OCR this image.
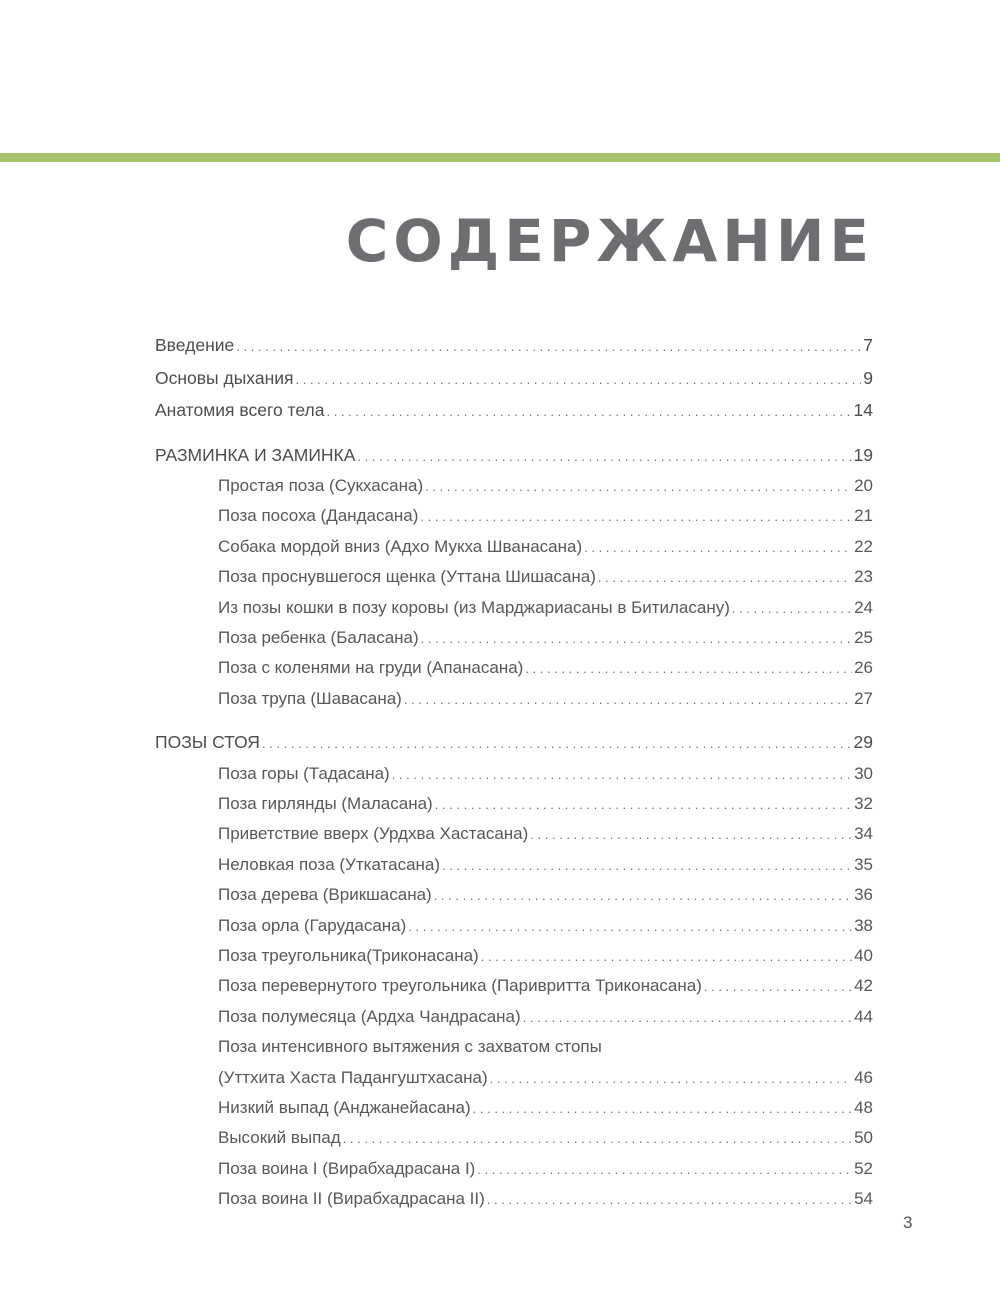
СОДЕРЖАНИЕ
Введение . . .	7
Основы дыхания . . .	9
Анатомия всего тела . . .	14
РАЗМИНКА И ЗАМИНКА . . .	19
Простая поза (Сукхасана) . . .	20
Поза посоха (Дандасана) . . .	21
Собака мордой вниз (Адхо Мукха Шванасана) . . .	22
Поза проснувшегося щенка (Уттана Шишасана) . . .	23
Из позы кошки в позу коровы (из Марджариасаны в Битиласану) . . .	24
Поза ребенка (Баласана) . . .	25
Поза с коленями на груди (Апанасана) . . .	26
Поза трупа (Шавасана) . . .	27
ПОЗЫ СТОЯ . . .	29
Поза горы (Тадасана) . . .	30
Поза гирлянды (Маласана) . . .	32
Приветствие вверх (Урдхва Хастасана) . . .	34
Неловкая поза (Уткатасана) . . .	35
Поза дерева (Врикшасана) . . .	36
Поза орла (Гарудасана) . . .	38
Поза треугольника(Триконасана) . . .	40
Поза перевернутого треугольника (Паривритта Триконасана) . . .	42
Поза полумесяца (Ардха Чандрасана) . . .	44
Поза интенсивного вытяжения с захватом стопы
(Уттхита Хаста Падангуштхасана) . . .	46
Низкий выпад (Анджанейасана) . . .	48
Высокий выпад . . .	50
Поза воина I (Вирабхадрасана I) . . .	52
Поза воина II (Вирабхадрасана II) . . .	54
3
